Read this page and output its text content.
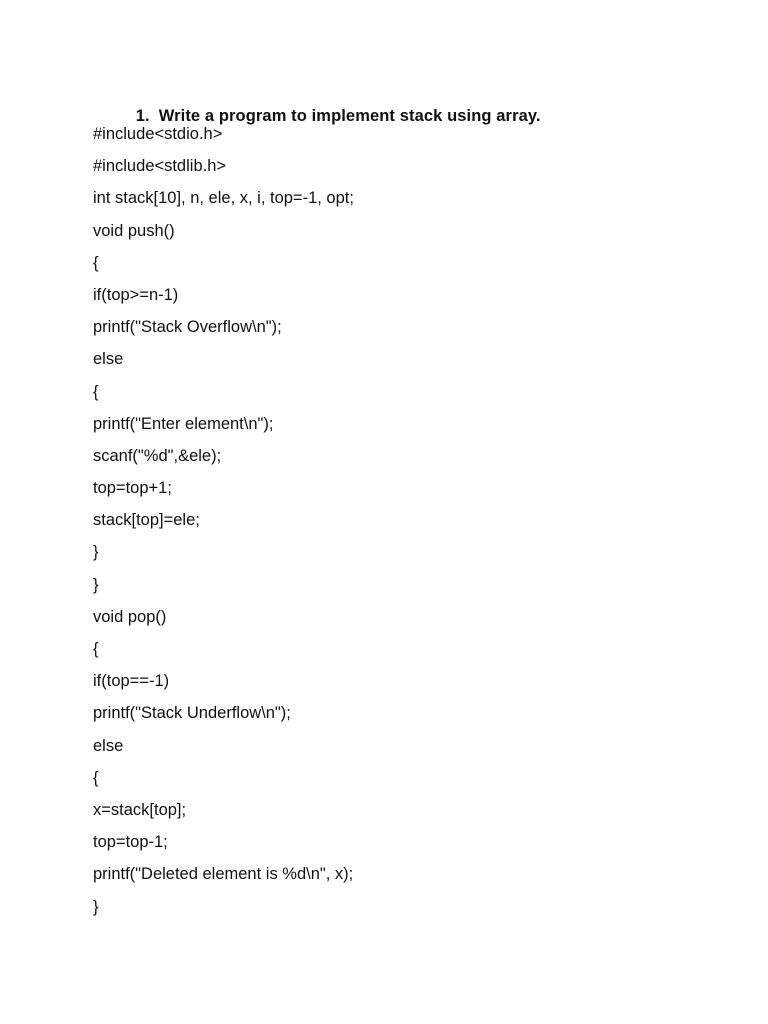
1. Write a program to implement stack using array.

#include<stdio.h>
#include<stdlib.h>
int stack[10], n, ele, x, i, top=-1, opt;
void push()
{
if(top>=n-1)
printf("Stack Overflow\n");
else
{
printf("Enter element\n");
scanf("%d",&ele);
top=top+1;
stack[top]=ele;
}
}
void pop()
{
if(top==-1)
printf("Stack Underflow\n");
else
{
x=stack[top];
top=top-1;
printf("Deleted element is %d\n", x);
}
